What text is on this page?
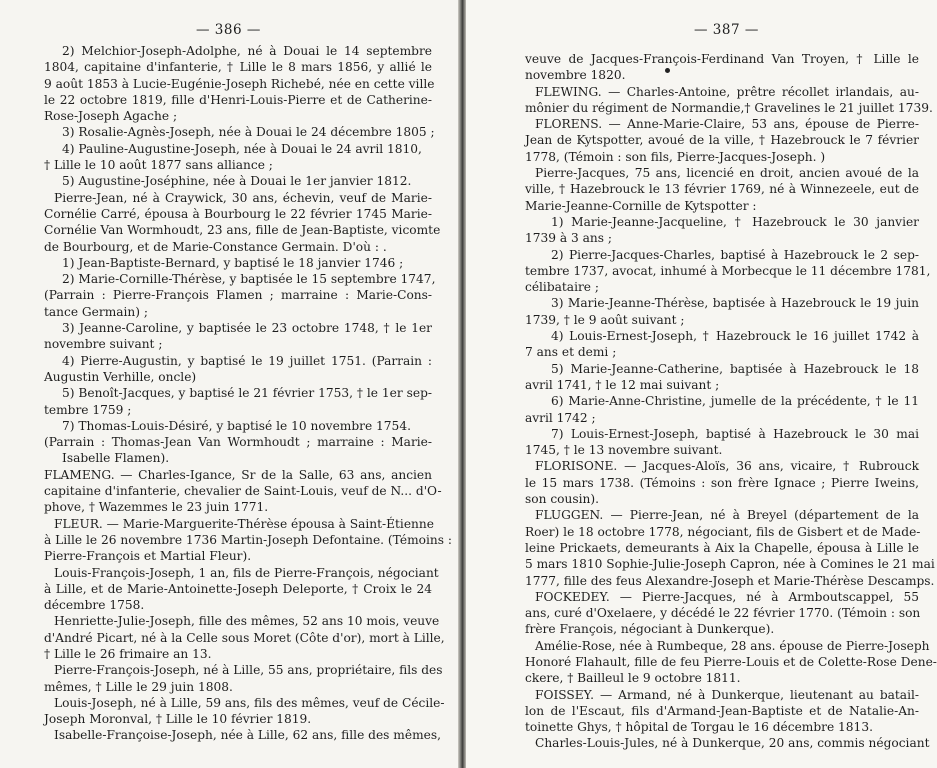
— 386 —
2) Melchior-Joseph-Adolphe, né à Douai le 14 septembre
1804, capitaine d'infanterie, † Lille le 8 mars 1856, y allié le
9 août 1853 à Lucie-Eugénie-Joseph Richebé, née en cette ville
le 22 octobre 1819, fille d'Henri-Louis-Pierre et de Catherine-
Rose-Joseph Agache ;
3) Rosalie-Agnès-Joseph, née à Douai le 24 décembre 1805 ;
4) Pauline-Augustine-Joseph, née à Douai le 24 avril 1810,
† Lille le 10 août 1877 sans alliance ;
5) Augustine-Joséphine, née à Douai le 1er janvier 1812.
Pierre-Jean, né à Craywick, 30 ans, échevin, veuf de Marie-
Cornélie Carré, épousa à Bourbourg le 22 février 1745 Marie-
Cornélie Van Wormhoudt, 23 ans, fille de Jean-Baptiste, vicomte
de Bourbourg, et de Marie-Constance Germain. D'où : .
1) Jean-Baptiste-Bernard, y baptisé le 18 janvier 1746 ;
2) Marie-Cornille-Thérèse, y baptisée le 15 septembre 1747,
(Parrain : Pierre-François Flamen ; marraine : Marie-Cons-
tance Germain) ;
3) Jeanne-Caroline, y baptisée le 23 octobre 1748, † le 1er
novembre suivant ;
4) Pierre-Augustin, y baptisé le 19 juillet 1751. (Parrain :
Augustin Verhille, oncle)
5) Benoît-Jacques, y baptisé le 21 février 1753, † le 1er sep-
tembre 1759 ;
7) Thomas-Louis-Désiré, y baptisé le 10 novembre 1754.
(Parrain : Thomas-Jean Van Wormhoudt ; marraine : Marie-
Isabelle Flamen).
FLAMENG. — Charles-Igance, Sr de la Salle, 63 ans, ancien
capitaine d'infanterie, chevalier de Saint-Louis, veuf de N... d'O-
phove, † Wazemmes le 23 juin 1771.
FLEUR. — Marie-Marguerite-Thérèse épousa à Saint-Étienne
à Lille le 26 novembre 1736 Martin-Joseph Defontaine. (Témoins :
Pierre-François et Martial Fleur).
Louis-François-Joseph, 1 an, fils de Pierre-François, négociant
à Lille, et de Marie-Antoinette-Joseph Deleporte, † Croix le 24
décembre 1758.
Henriette-Julie-Joseph, fille des mêmes, 52 ans 10 mois, veuve
d'André Picart, né à la Celle sous Moret (Côte d'or), mort à Lille,
† Lille le 26 frimaire an 13.
Pierre-François-Joseph, né à Lille, 55 ans, propriétaire, fils des
mêmes, † Lille le 29 juin 1808.
Louis-Joseph, né à Lille, 59 ans, fils des mêmes, veuf de Cécile-
Joseph Moronval, † Lille le 10 février 1819.
Isabelle-Françoise-Joseph, née à Lille, 62 ans, fille des mêmes,
— 387 —
veuve de Jacques-François-Ferdinand Van Troyen, † Lille le
novembre 1820.
FLEWING. — Charles-Antoine, prêtre récollet irlandais, au-
mônier du régiment de Normandie,† Gravelines le 21 juillet 1739.
FLORENS. — Anne-Marie-Claire, 53 ans, épouse de Pierre-
Jean de Kytspotter, avoué de la ville, † Hazebrouck le 7 février
1778, (Témoin : son fils, Pierre-Jacques-Joseph. )
Pierre-Jacques, 75 ans, licencié en droit, ancien avoué de la
ville, † Hazebrouck le 13 février 1769, né à Winnezeele, eut de
Marie-Jeanne-Cornille de Kytspotter :
1) Marie-Jeanne-Jacqueline, † Hazebrouck le 30 janvier
1739 à 3 ans ;
2) Pierre-Jacques-Charles, baptisé à Hazebrouck le 2 sep-
tembre 1737, avocat, inhumé à Morbecque le 11 décembre 1781,
célibataire ;
3) Marie-Jeanne-Thérèse, baptisée à Hazebrouck le 19 juin
1739, † le 9 août suivant ;
4) Louis-Ernest-Joseph, † Hazebrouck le 16 juillet 1742 à
7 ans et demi ;
5) Marie-Jeanne-Catherine, baptisée à Hazebrouck le 18
avril 1741, † le 12 mai suivant ;
6) Marie-Anne-Christine, jumelle de la précédente, † le 11
avril 1742 ;
7) Louis-Ernest-Joseph, baptisé à Hazebrouck le 30 mai
1745, † le 13 novembre suivant.
FLORISONE. — Jacques-Aloïs, 36 ans, vicaire, † Rubrouck
le 15 mars 1738. (Témoins : son frère Ignace ; Pierre Iweins,
son cousin).
FLUGGEN. — Pierre-Jean, né à Breyel (département de la
Roer) le 18 octobre 1778, négociant, fils de Gisbert et de Made-
leine Prickaets, demeurants à Aix la Chapelle, épousa à Lille le
5 mars 1810 Sophie-Julie-Joseph Capron, née à Comines le 21 mai
1777, fille des feus Alexandre-Joseph et Marie-Thérèse Descamps.
FOCKEDEY. — Pierre-Jacques, né à Armboutscappel, 55
ans, curé d'Oxelaere, y décédé le 22 février 1770. (Témoin : son
frère François, négociant à Dunkerque).
Amélie-Rose, née à Rumbeque, 28 ans. épouse de Pierre-Joseph
Honoré Flahault, fille de feu Pierre-Louis et de Colette-Rose Dene-
ckere, † Bailleul le 9 octobre 1811.
FOISSEY. — Armand, né à Dunkerque, lieutenant au batail-
lon de l'Escaut, fils d'Armand-Jean-Baptiste et de Natalie-An-
toinette Ghys, † hôpital de Torgau le 16 décembre 1813.
Charles-Louis-Jules, né à Dunkerque, 20 ans, commis négociant
